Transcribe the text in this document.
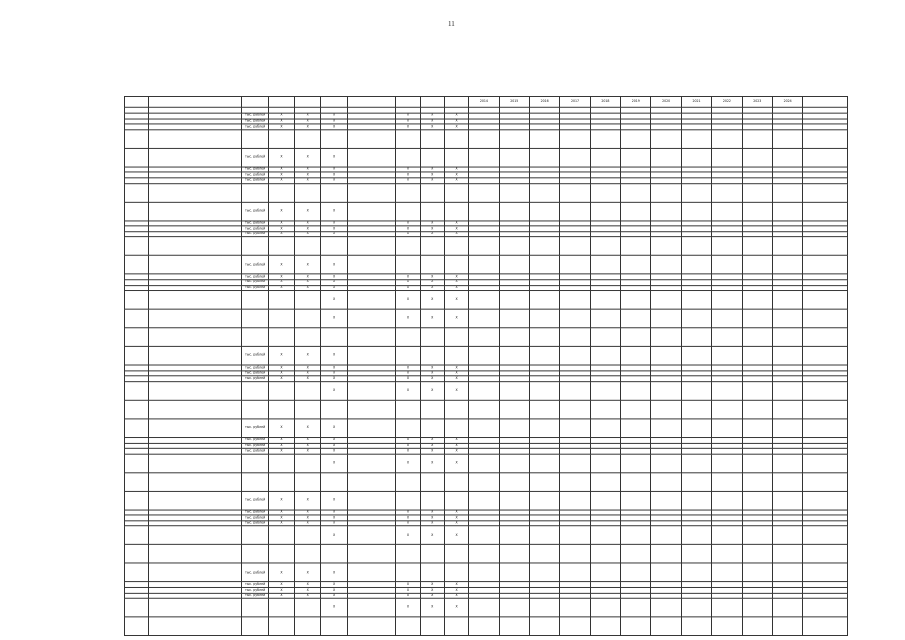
11
										2014	2015	2016	2017	2018	2019	2020	2021	2022	2023	2024	

		тыс. рублей	X	X	X		X	X	X												
		тыс. рублей	X	X	X		X	X	X												
		тыс. рублей	X	X	X		X	X	X												

		тыс. рублей	X	X	X																
		тыс. рублей	X	X	X		X	X	X												
		тыс. рублей	X	X	X		X	X	X												
		тыс. рублей	X	X	X		X	X	X												

		тыс. рублей	X	X	X																
		тыс. рублей	X	X	X		X	X	X												
		тыс. рублей	X	X	X		X	X	X												
		тыс. рублей	X	X	X		X	X	X												

		тыс. рублей	X	X	X																
		тыс. рублей	X	X	X		X	X	X												
		тыс. рублей	X	X	X		X	X	X												
		тыс. рублей	X	X	X		X	X	X												
					X		X	X	X												
					X		X	X	X												

		тыс. рублей	X	X	X																
		тыс. рублей	X	X	X		X	X	X												
		тыс. рублей	X	X	X		X	X	X												
		тыс. рублей	X	X	X		X	X	X												
					X		X	X	X												

		тыс. рублей	X	X	X																
		тыс. рублей	X	X	X		X	X	X												
		тыс. рублей	X	X	X		X	X	X												
		тыс. рублей	X	X	X		X	X	X												
					X		X	X	X												

		тыс. рублей	X	X	X																
		тыс. рублей	X	X	X		X	X	X												
		тыс. рублей	X	X	X		X	X	X												
		тыс. рублей	X	X	X		X	X	X												
					X		X	X	X												

		тыс. рублей	X	X	X																
		тыс. рублей	X	X	X		X	X	X												
		тыс. рублей	X	X	X		X	X	X												
		тыс. рублей	X	X	X		X	X	X												
					X		X	X	X												
